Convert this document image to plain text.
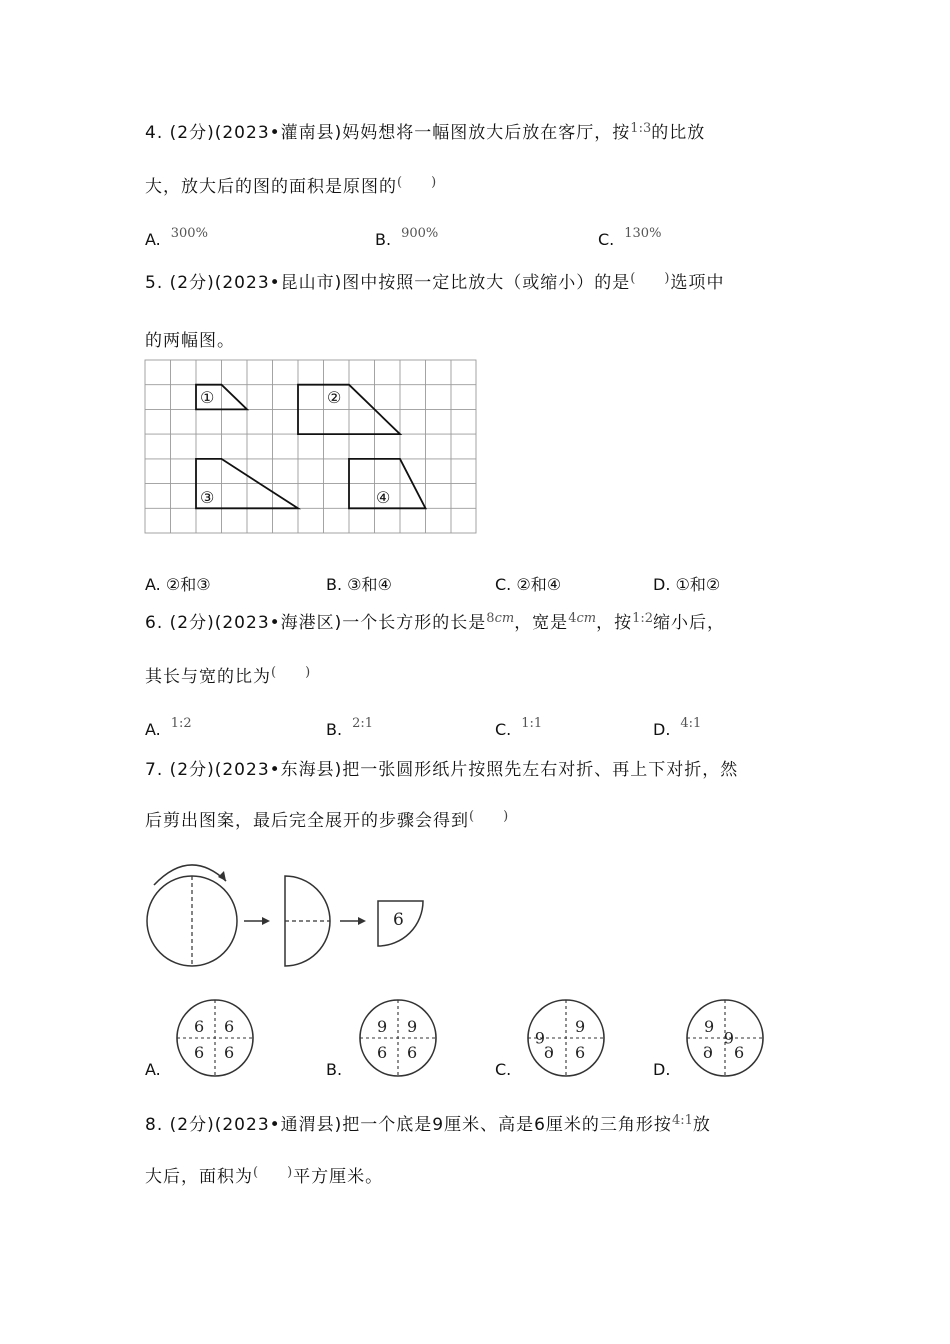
4. (2分)(2023•灌南县)妈妈想将一幅图放大后放在客厅，按$^{1:3}$的比放
大，放大后的图的面积是原图的(　　)
A. $^{300\%}$	B. $^{900\%}$	C. $^{130\%}$
5. (2分)(2023•昆山市)图中按照一定比放大（或缩小）的是(　　)选项中
的两幅图。
①	②
③	④
A. ②和③	B. ③和④	C. ②和④	D. ①和②
6. (2分)(2023•海港区)一个长方形的长是$^{8cm}$，宽是$^{4cm}$，按$^{1:2}$缩小后，
其长与宽的比为(　　)
A. $^{1:2}$	B. $^{2:1}$	C. $^{1:1}$	D. $^{4:1}$
7. (2分)(2023•东海县)把一张圆形纸片按照先左右对折、再上下对折，然
后剪出图案，最后完全展开的步骤会得到(　　)
6
A.
6 6
6 6
B.
9 9
6 6
C.
6
9
6 6
D.
9
6
6 6
8. (2分)(2023•通渭县)把一个底是9厘米、高是6厘米的三角形按$^{4:1}$放
大后，面积为(　　)平方厘米。
